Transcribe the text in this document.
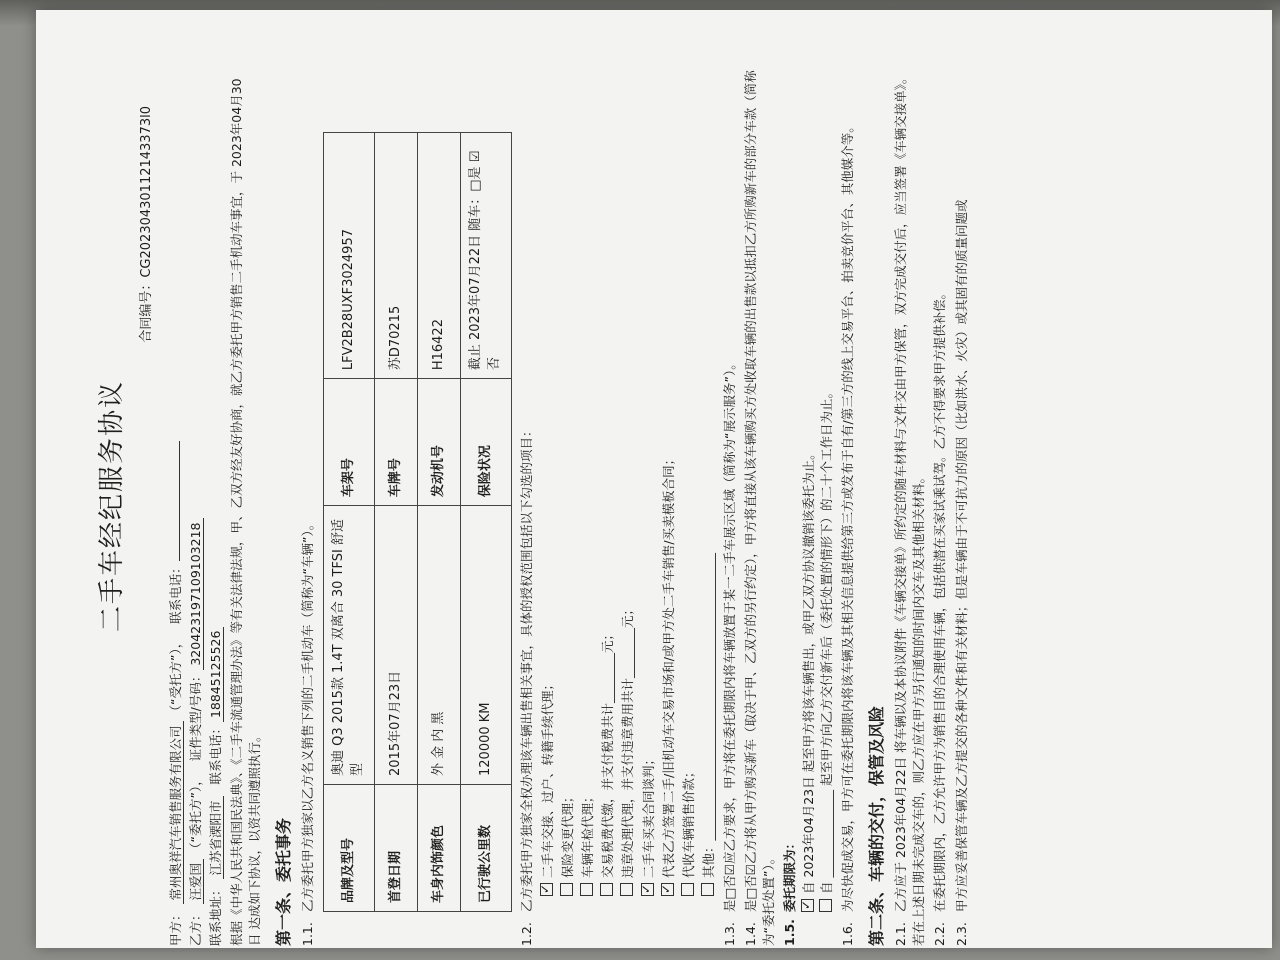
二手车经纪服务协议
合同编号：CG20230430112143373l0
甲方： 常州奥祥汽车销售服务有限公司 （“受托方”），   联系电话：
乙方： 汪爱国 （“委托方”），   证件类型/号码：320423197109103218
联系地址： 江苏省溧阳市   联系电话：18845125526 根据《中华人民共和国民法典》、《二手车流通管理办法》等有关法律法规，甲、乙双方经友好协商，就乙方委托甲方销售二手机动车事宜，于 2023年04月30日 达成如下协议，以资共同遵照执行。 第一条、委托事务 1.1.乙方委托甲方独家以乙方名义销售下列的二手机动车（简称为“车辆”）。 品牌及型号	奥迪 Q3 2015款 1.4T 双离合 30 TFSI 舒适型	车架号	LFV2B28UXF3024957
首登日期	2015年07月23日	车牌号	苏D70215
车身内饰颜色	外 金 内 黑	发动机号	H16422
已行驶公里数	120000 KM	保险状况	截止 2023年07月22日 随车：□是 ☑否
1.2.乙方委托甲方独家全权办理该车辆出售相关事宜，具体的授权范围包括以下勾选的项目：
✓ 二手车交接、过户、转籍手续代理； 保险变更代理； 车辆年检代理； 交易税费代缴，并支付税费共计________元； 违章处理代理，并支付违章费用共计________元；
✓ 二手车买卖合同谈判；
✓ 代表乙方签署二手/旧机动车交易市场和/或甲方处二手车销售/买卖模板合同； 代收车辆销售价款； 其他：______________________________________________
1.3.是□否☑应乙方要求，甲方将在委托期限内将车辆放置于某一二手车展示区域（简称为“展示服务”）。
1.4.是□否☑乙方将从甲方购买新车（取决于甲、乙双方的另行约定），甲方将直接从该车辆购买方处收取车辆的出售款以抵扣乙方所购新车的部分车款（简称为“委托处置”）。 1.5.委托期限为：
✓ 自 2023年04月23日 起至甲方将该车辆售出，或甲乙双方协议撤销该委托为止。 自 ______________ 起至甲方向乙方交付新车后（委托处置的情形下）的二十个工作日为止。
1.6.为尽快促成交易，甲方可在委托期限内将该车辆及其相关信息提供给第三方或发布于自有/第三方的线上交易平台、拍卖竞价平台、其他媒介等。 第二条、车辆的交付，保管及风险 2.1.乙方应于 2023年04月22日 将车辆以及本协议附件《车辆交接单》所约定的随车材料与文件交由甲方保管，双方完成交付后，应当签署《车辆交接单》。若在上述日期未完成交车的，则乙方应在甲方另行通知的时间内交车及其他相关材料。 2.2.在委托期限内，乙方允许甲方为销售目的合理使用车辆，包括供潜在买家试乘试驾。乙方不得要求甲方提供补偿。
2.3.甲方应妥善保管车辆及乙方提交的各种文件和有关材料；但是车辆由于不可抗力的原因（比如洪水、火灾）或其固有的质量问题或
